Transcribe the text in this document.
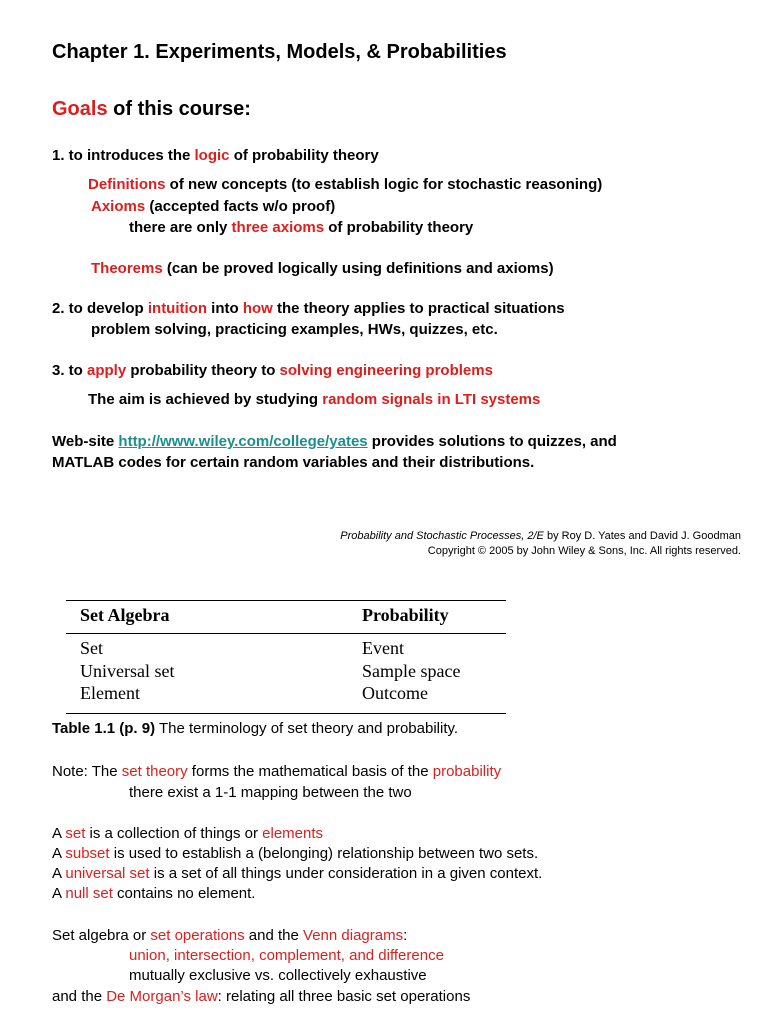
Chapter 1. Experiments, Models, & Probabilities
Goals of this course:
1. to introduces the logic of probability theory
Definitions of new concepts (to establish logic for stochastic reasoning)
Axioms (accepted facts w/o proof)
there are only three axioms of probability theory
Theorems (can be proved logically using definitions and axioms)
2. to develop intuition into how the theory applies to practical situations
problem solving, practicing examples, HWs, quizzes, etc.
3. to apply probability theory to solving engineering problems
The aim is achieved by studying random signals in LTI systems
Web-site http://www.wiley.com/college/yates provides solutions to quizzes, and
MATLAB codes for certain random variables and their distributions.
Probability and Stochastic Processes, 2/E by Roy D. Yates and David J. Goodman
Copyright © 2005 by John Wiley & Sons, Inc. All rights reserved.
Set Algebra	Probability
Set	Event
Universal set	Sample space
Element	Outcome
Table 1.1 (p. 9) The terminology of set theory and probability.
Note: The set theory forms the mathematical basis of the probability
there exist a 1-1 mapping between the two
A set is a collection of things or elements
A subset is used to establish a (belonging) relationship between two sets.
A universal set is a set of all things under consideration in a given context.
A null set contains no element.
Set algebra or set operations and the Venn diagrams:
union, intersection, complement, and difference
mutually exclusive vs. collectively exhaustive
and the De Morgan’s law: relating all three basic set operations
